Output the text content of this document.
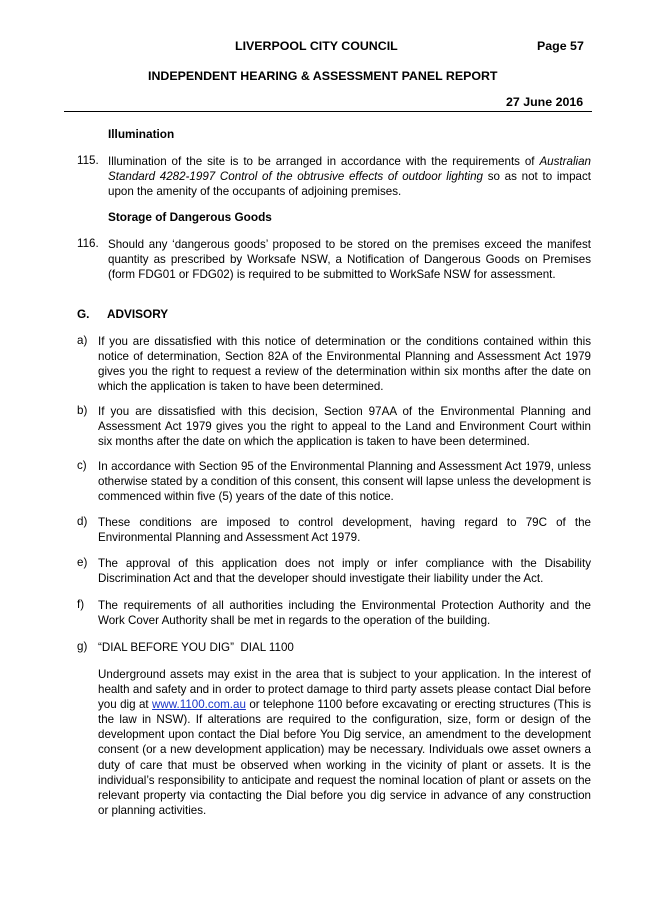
LIVERPOOL CITY COUNCIL	Page 57
INDEPENDENT HEARING & ASSESSMENT PANEL REPORT
27 June 2016
Illumination
115. Illumination of the site is to be arranged in accordance with the requirements of Australian Standard 4282-1997 Control of the obtrusive effects of outdoor lighting so as not to impact upon the amenity of the occupants of adjoining premises.
Storage of Dangerous Goods
116. Should any ‘dangerous goods’ proposed to be stored on the premises exceed the manifest quantity as prescribed by Worksafe NSW, a Notification of Dangerous Goods on Premises (form FDG01 or FDG02) is required to be submitted to WorkSafe NSW for assessment.
G. ADVISORY
a) If you are dissatisfied with this notice of determination or the conditions contained within this notice of determination, Section 82A of the Environmental Planning and Assessment Act 1979 gives you the right to request a review of the determination within six months after the date on which the application is taken to have been determined.
b) If you are dissatisfied with this decision, Section 97AA of the Environmental Planning and Assessment Act 1979 gives you the right to appeal to the Land and Environment Court within six months after the date on which the application is taken to have been determined.
c) In accordance with Section 95 of the Environmental Planning and Assessment Act 1979, unless otherwise stated by a condition of this consent, this consent will lapse unless the development is commenced within five (5) years of the date of this notice.
d) These conditions are imposed to control development, having regard to 79C of the Environmental Planning and Assessment Act 1979.
e) The approval of this application does not imply or infer compliance with the Disability Discrimination Act and that the developer should investigate their liability under the Act.
f) The requirements of all authorities including the Environmental Protection Authority and the Work Cover Authority shall be met in regards to the operation of the building.
g) “DIAL BEFORE YOU DIG”  DIAL 1100
Underground assets may exist in the area that is subject to your application. In the interest of health and safety and in order to protect damage to third party assets please contact Dial before you dig at www.1100.com.au or telephone 1100 before excavating or erecting structures (This is the law in NSW). If alterations are required to the configuration, size, form or design of the development upon contact the Dial before You Dig service, an amendment to the development consent (or a new development application) may be necessary. Individuals owe asset owners a duty of care that must be observed when working in the vicinity of plant or assets. It is the individual’s responsibility to anticipate and request the nominal location of plant or assets on the relevant property via contacting the Dial before you dig service in advance of any construction or planning activities.
